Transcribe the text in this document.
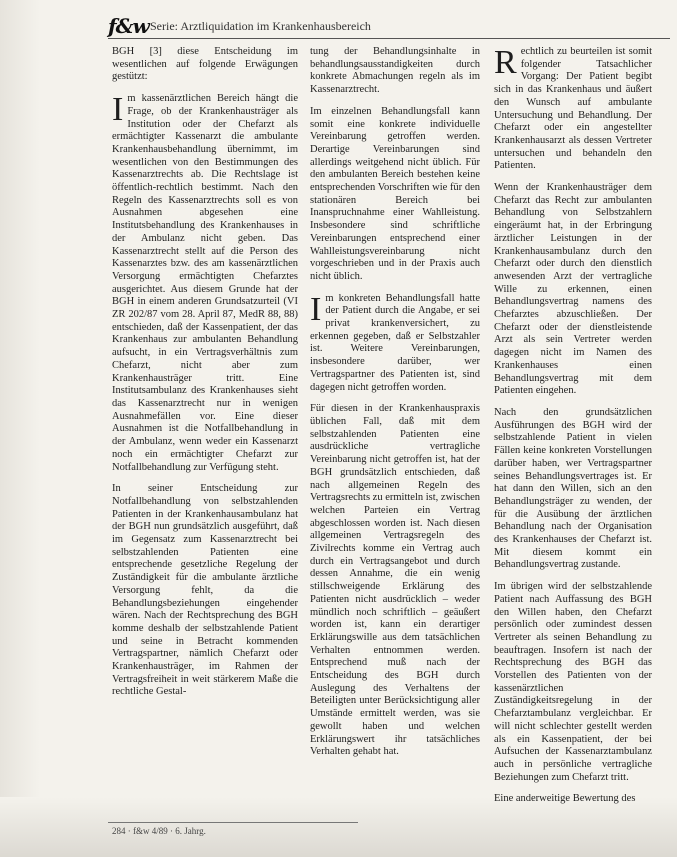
f&w Serie: Arztliquidation im Krankenhausbereich

BGH [3] diese Entscheidung im wesentlichen auf folgende Erwägungen gestützt:

Im kassenärztlichen Bereich hängt die Frage, ob der Krankenhausträger als Institution oder der Chefarzt als ermächtigter Kassenarzt die ambulante Krankenhausbehandlung übernimmt, im wesentlichen von den Bestimmungen des Kassenarztrechts ab. Die Rechtslage ist öffentlich-rechtlich bestimmt. Nach den Regeln des Kassenarztrechts soll es von Ausnahmen abgesehen eine Institutsbehandlung des Krankenhauses in der Ambulanz nicht geben. Das Kassenarztrecht stellt auf die Person des Kassenarztes bzw. des am kassenärztlichen Versorgung ermächtigten Chefarztes ausgerichtet. Aus diesem Grunde hat der BGH in einem anderen Grundsatzurteil (VI ZR 202/87 vom 28. April 87, MedR 88, 88) entschieden, daß der Kassenpatient, der das Krankenhaus zur ambulanten Behandlung aufsucht, in ein Vertragsverhältnis zum Chefarzt, nicht aber zum Krankenhausträger tritt. Eine Institutsambulanz des Krankenhauses sieht das Kassenarztrecht nur in wenigen Ausnahmefällen vor. Eine dieser Ausnahmen ist die Notfallbehandlung in der Ambulanz, wenn weder ein Kassenarzt noch ein ermächtigter Chefarzt zur Notfallbehandlung zur Verfügung steht.

In seiner Entscheidung zur Notfallbehandlung von selbstzahlenden Patienten in der Krankenhausambulanz hat der BGH nun grundsätzlich ausgeführt, daß im Gegensatz zum Kassenarztrecht bei selbstzahlenden Patienten eine entsprechende gesetzliche Regelung der Zuständigkeit für die ambulante ärztliche Versorgung fehlt, da die Behandlungsbeziehungen eingehender wären. Nach der Rechtsprechung des BGH komme deshalb der selbstzahlende Patient und seine in Betracht kommenden Vertragspartner, nämlich Chefarzt oder Krankenhausträger, im Rahmen der Vertragsfreiheit in weit stärkerem Maße die rechtliche Gestal-

tung der Behandlungsinhalte in behandlungsausstandigkeiten durch konkrete Abmachungen regeln als im Kassenarztrecht.

Im einzelnen Behandlungsfall kann somit eine konkrete individuelle Vereinbarung getroffen werden. Derartige Vereinbarungen sind allerdings weitgehend nicht üblich. Für den ambulanten Bereich bestehen keine entsprechenden Vorschriften wie für den stationären Bereich bei Inanspruchnahme einer Wahlleistung. Insbesondere sind schriftliche Vereinbarungen entsprechend einer Wahlleistungsvereinbarung nicht vorgeschrieben und in der Praxis auch nicht üblich.

Im konkreten Behandlungsfall hatte der Patient durch die Angabe, er sei privat krankenversichert, zu erkennen gegeben, daß er Selbstzahler ist. Weitere Vereinbarungen, insbesondere darüber, wer Vertragspartner des Patienten ist, sind dagegen nicht getroffen worden.

Für diesen in der Krankenhauspraxis üblichen Fall, daß mit dem selbstzahlenden Patienten eine ausdrückliche vertragliche Vereinbarung nicht getroffen ist, hat der BGH grundsätzlich entschieden, daß nach allgemeinen Regeln des Vertragsrechts zu ermitteln ist, zwischen welchen Parteien ein Vertrag abgeschlossen worden ist. Nach diesen allgemeinen Vertragsregeln des Zivilrechts komme ein Vertrag auch durch ein Vertragsangebot und durch dessen Annahme, die ein wenig stillschweigende Erklärung des Patienten nicht ausdrücklich – weder mündlich noch schriftlich – geäußert worden ist, kann ein derartiger Erklärungswille aus dem tatsächlichen Verhalten entnommen werden. Entsprechend muß nach der Entscheidung des BGH durch Auslegung des Verhaltens der Beteiligten unter Berücksichtigung aller Umstände ermittelt werden, was sie gewollt haben und welchen Erklärungswert ihr tatsächliches Verhalten gehabt hat.

Rechtlich zu beurteilen ist somit folgender Tatsachlicher Vorgang: Der Patient begibt sich in das Krankenhaus und äußert den Wunsch auf ambulante Untersuchung und Behandlung. Der Chefarzt oder ein angestellter Krankenhausarzt als dessen Vertreter untersuchen und behandeln den Patienten.

Wenn der Krankenhausträger dem Chefarzt das Recht zur ambulanten Behandlung von Selbstzahlern eingeräumt hat, in der Erbringung ärztlicher Leistungen in der Krankenhausambulanz durch den Chefarzt oder durch den dienstlich anwesenden Arzt der vertragliche Wille zu erkennen, einen Behandlungsvertrag namens des Chefarztes abzuschließen. Der Chefarzt oder der dienstleistende Arzt als sein Vertreter werden dagegen nicht im Namen des Krankenhauses einen Behandlungsvertrag mit dem Patienten eingehen.

Nach den grundsätzlichen Ausführungen des BGH wird der selbstzahlende Patient in vielen Fällen keine konkreten Vorstellungen darüber haben, wer Vertragspartner seines Behandlungsvertrages ist. Er hat dann den Willen, sich an den Behandlungsträger zu wenden, der für die Ausübung der ärztlichen Behandlung nach der Organisation des Krankenhauses der Chefarzt ist. Mit diesem kommt ein Behandlungsvertrag zustande.

Im übrigen wird der selbstzahlende Patient nach Auffassung des BGH den Willen haben, den Chefarzt persönlich oder zumindest dessen Vertreter als seinen Behandlung zu beauftragen. Insofern ist nach der Rechtsprechung des BGH das Vorstellen des Patienten von der kassenärztlichen Zuständigkeitsregelung in der Chefarztambulanz vergleichbar. Er will nicht schlechter gestellt werden als ein Kassenpatient, der bei Aufsuchen der Kassenarztambulanz auch in persönliche vertragliche Beziehungen zum Chefarzt tritt.

Eine anderweitige Bewertung des

284 · f&w 4/89 · 6. Jahrg.
